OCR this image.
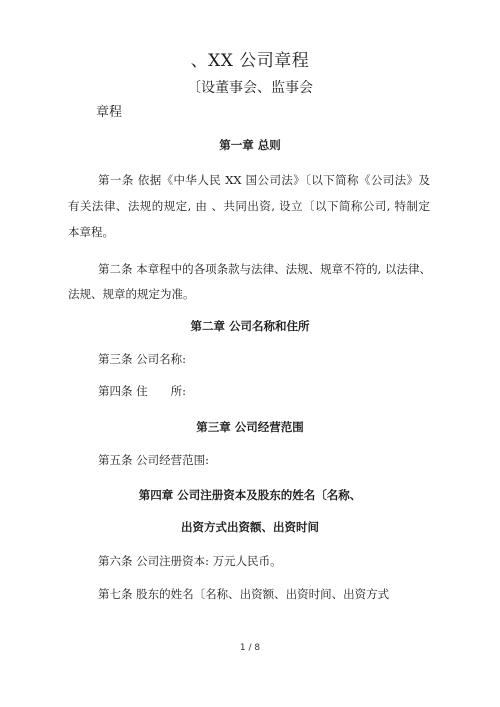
、XX 公司章程
〔设董事会、监事会
章程
第一章 总则
第一条 依据《中华人民 XX 国公司法》〔以下简称《公司法》及
有关法律、法规的规定, 由 、共同出资, 设立〔以下简称公司, 特制定
本章程。
第二条 本章程中的各项条款与法律、法规、规章不符的, 以法律、
法规、规章的规定为准。
第二章 公司名称和住所
第三条 公司名称:
第四条 住　　所:
第三章 公司经营范围
第五条 公司经营范围:
第四章 公司注册资本及股东的姓名〔名称、
出资方式出资额、出资时间
第六条 公司注册资本: 万元人民币。
第七条 股东的姓名〔名称、出资额、出资时间、出资方式
1 / 8
